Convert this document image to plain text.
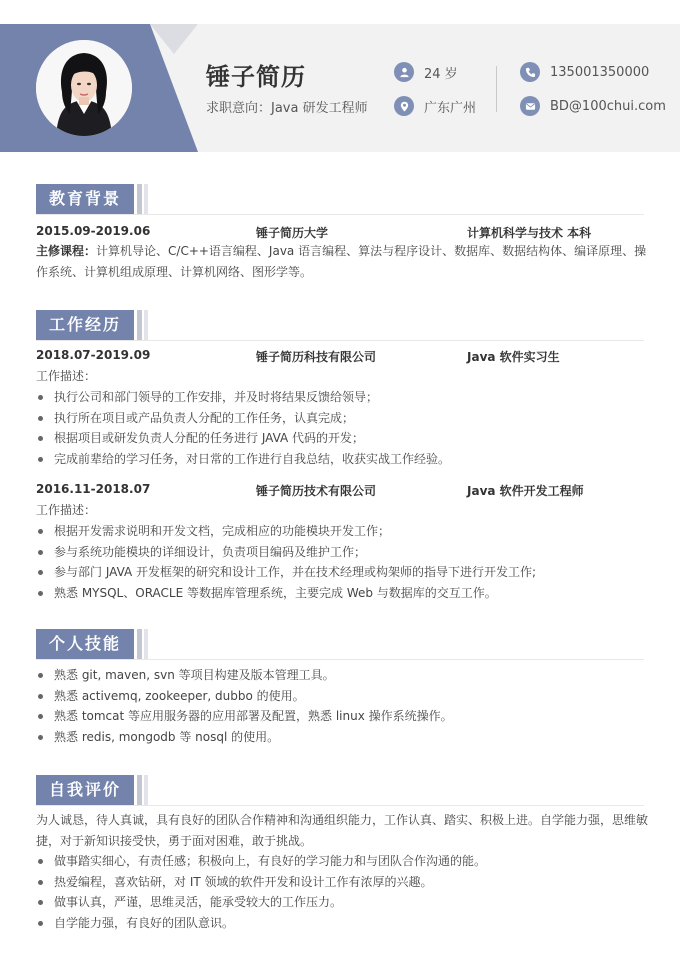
锤子简历
求职意向：Java 研发工程师
24 岁
广东广州
135001350000
BD@100chui.com
教育背景
2015.09-2019.06	锤子简历大学	计算机科学与技术 本科
主修课程：计算机导论、C/C++语言编程、Java 语言编程、算法与程序设计、数据库、数据结构体、编译原理、操
作系统、计算机组成原理、计算机网络、图形学等。
工作经历
2018.07-2019.09	锤子简历科技有限公司	Java 软件实习生
工作描述：
执行公司和部门领导的工作安排，并及时将结果反馈给领导；
执行所在项目或产品负责人分配的工作任务，认真完成；
根据项目或研发负责人分配的任务进行 JAVA 代码的开发；
完成前辈给的学习任务，对日常的工作进行自我总结，收获实战工作经验。
2016.11-2018.07	锤子简历技术有限公司	Java 软件开发工程师
工作描述：
根据开发需求说明和开发文档，完成相应的功能模块开发工作；
参与系统功能模块的详细设计，负责项目编码及维护工作；
参与部门 JAVA 开发框架的研究和设计工作，并在技术经理或构架师的指导下进行开发工作;
熟悉 MYSQL、ORACLE 等数据库管理系统，主要完成 Web 与数据库的交互工作。
个人技能
熟悉 git, maven, svn 等项目构建及版本管理工具。
熟悉 activemq, zookeeper, dubbo 的使用。
熟悉 tomcat 等应用服务器的应用部署及配置，熟悉 linux 操作系统操作。
熟悉 redis, mongodb 等 nosql 的使用。
自我评价
为人诚恳，待人真诚，具有良好的团队合作精神和沟通组织能力，工作认真、踏实、积极上进。自学能力强，思维敏
捷，对于新知识接受快，勇于面对困难，敢于挑战。
做事踏实细心，有责任感；积极向上，有良好的学习能力和与团队合作沟通的能。
热爱编程，喜欢钻研，对 IT 领域的软件开发和设计工作有浓厚的兴趣。
做事认真，严谨，思维灵活，能承受较大的工作压力。
自学能力强，有良好的团队意识。
